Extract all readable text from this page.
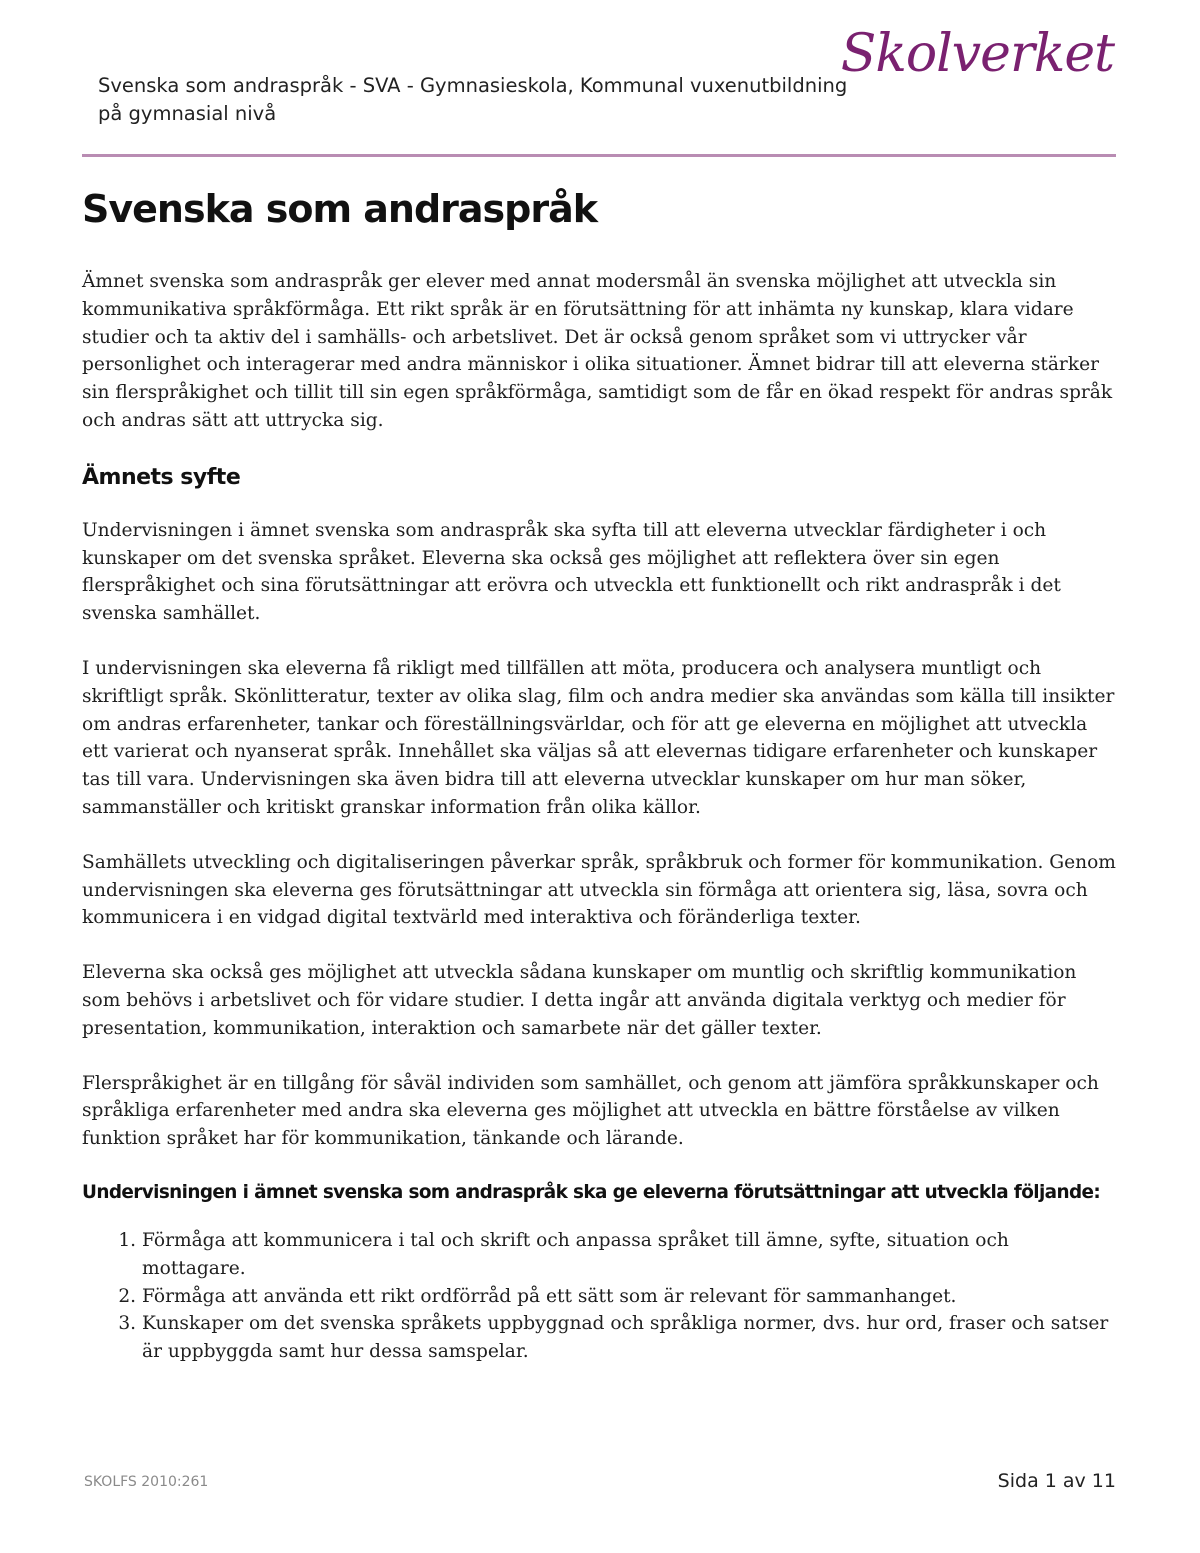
Svenska som andraspråk - SVA - Gymnasieskola, Kommunal vuxenutbildning
på gymnasial nivå
Skolverket
Svenska som andraspråk

Ämnet svenska som andraspråk ger elever med annat modersmål än svenska möjlighet att utveckla sin kommunikativa språkförmåga. Ett rikt språk är en förutsättning för att inhämta ny kunskap, klara vidare studier och ta aktiv del i samhälls- och arbetslivet. Det är också genom språket som vi uttrycker vår personlighet och interagerar med andra människor i olika situationer. Ämnet bidrar till att eleverna stärker sin flerspråkighet och tillit till sin egen språkförmåga, samtidigt som de får en ökad respekt för andras språk och andras sätt att uttrycka sig.

Ämnets syfte

Undervisningen i ämnet svenska som andraspråk ska syfta till att eleverna utvecklar färdigheter i och kunskaper om det svenska språket. Eleverna ska också ges möjlighet att reflektera över sin egen flerspråkighet och sina förutsättningar att erövra och utveckla ett funktionellt och rikt andraspråk i det svenska samhället.

I undervisningen ska eleverna få rikligt med tillfällen att möta, producera och analysera muntligt och skriftligt språk. Skönlitteratur, texter av olika slag, film och andra medier ska användas som källa till insikter om andras erfarenheter, tankar och föreställningsvärldar, och för att ge eleverna en möjlighet att utveckla ett varierat och nyanserat språk. Innehållet ska väljas så att elevernas tidigare erfarenheter och kunskaper tas till vara. Undervisningen ska även bidra till att eleverna utvecklar kunskaper om hur man söker, sammanställer och kritiskt granskar information från olika källor.

Samhällets utveckling och digitaliseringen påverkar språk, språkbruk och former för kommunikation. Genom undervisningen ska eleverna ges förutsättningar att utveckla sin förmåga att orientera sig, läsa, sovra och kommunicera i en vidgad digital textvärld med interaktiva och föränderliga texter.

Eleverna ska också ges möjlighet att utveckla sådana kunskaper om muntlig och skriftlig kommunikation som behövs i arbetslivet och för vidare studier. I detta ingår att använda digitala verktyg och medier för presentation, kommunikation, interaktion och samarbete när det gäller texter.

Flerspråkighet är en tillgång för såväl individen som samhället, och genom att jämföra språkkunskaper och språkliga erfarenheter med andra ska eleverna ges möjlighet att utveckla en bättre förståelse av vilken funktion språket har för kommunikation, tänkande och lärande.

Undervisningen i ämnet svenska som andraspråk ska ge eleverna förutsättningar att utveckla följande:
1. Förmåga att kommunicera i tal och skrift och anpassa språket till ämne, syfte, situation och mottagare.
2. Förmåga att använda ett rikt ordförråd på ett sätt som är relevant för sammanhanget.
3. Kunskaper om det svenska språkets uppbyggnad och språkliga normer, dvs. hur ord, fraser och satser är uppbyggda samt hur dessa samspelar.
SKOLFS 2010:261	Sida 1 av 11
